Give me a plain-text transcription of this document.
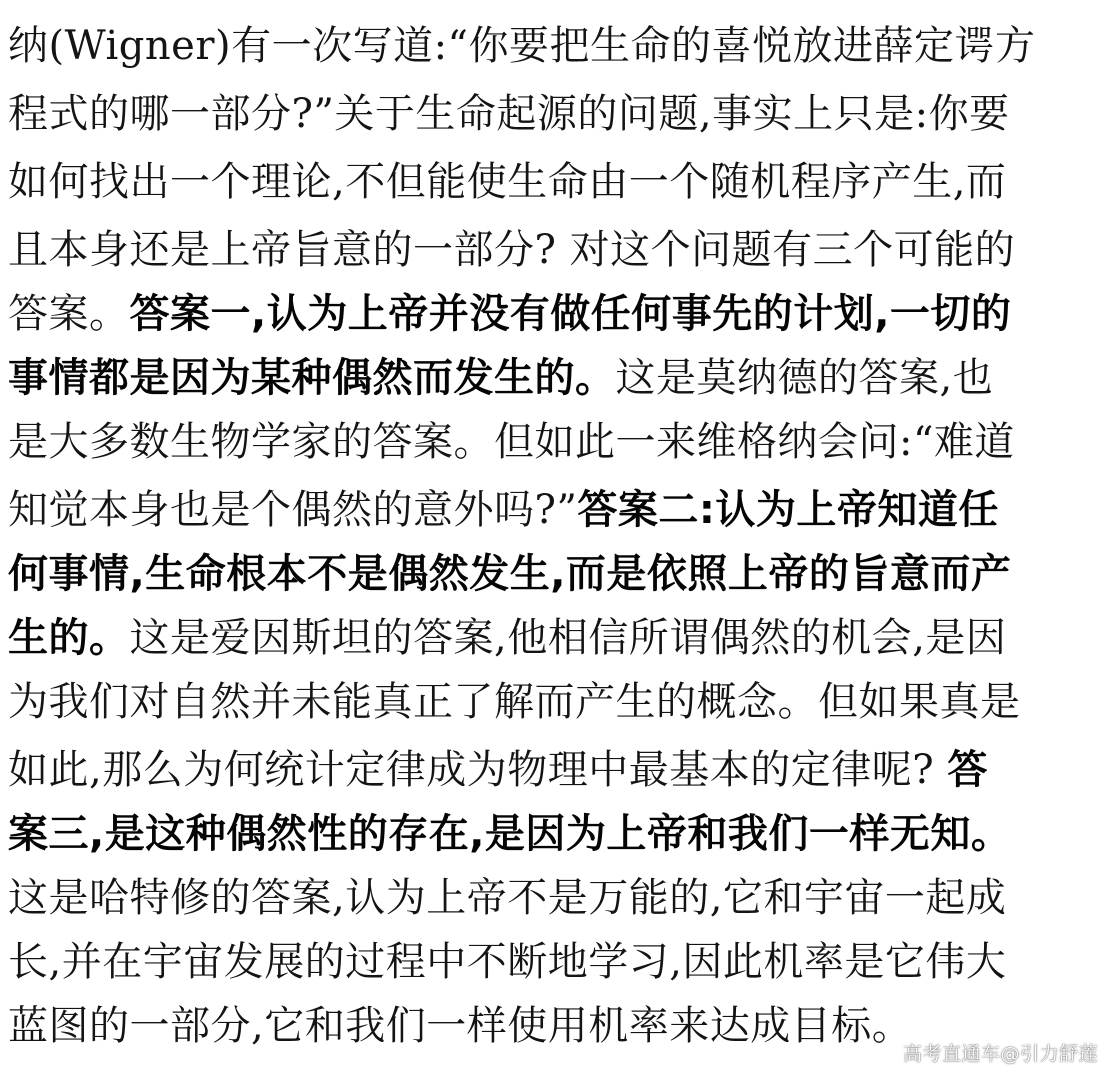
纳(Wigner)有一次写道:“你要把生命的喜悦放进薛定谔方
程式的哪一部分?”关于生命起源的问题,事实上只是:你要
如何找出一个理论,不但能使生命由一个随机程序产生,而
且本身还是上帝旨意的一部分? 对这个问题有三个可能的
答案。答案一,认为上帝并没有做任何事先的计划,一切的
事情都是因为某种偶然而发生的。这是莫纳德的答案,也
是大多数生物学家的答案。但如此一来维格纳会问:“难道
知觉本身也是个偶然的意外吗?”答案二:认为上帝知道任
何事情,生命根本不是偶然发生,而是依照上帝的旨意而产
生的。这是爱因斯坦的答案,他相信所谓偶然的机会,是因
为我们对自然并未能真正了解而产生的概念。但如果真是
如此,那么为何统计定律成为物理中最基本的定律呢? 答
案三,是这种偶然性的存在,是因为上帝和我们一样无知。
这是哈特修的答案,认为上帝不是万能的,它和宇宙一起成
长,并在宇宙发展的过程中不断地学习,因此机率是它伟大
蓝图的一部分,它和我们一样使用机率来达成目标。
高考直通车@引力舒莲
